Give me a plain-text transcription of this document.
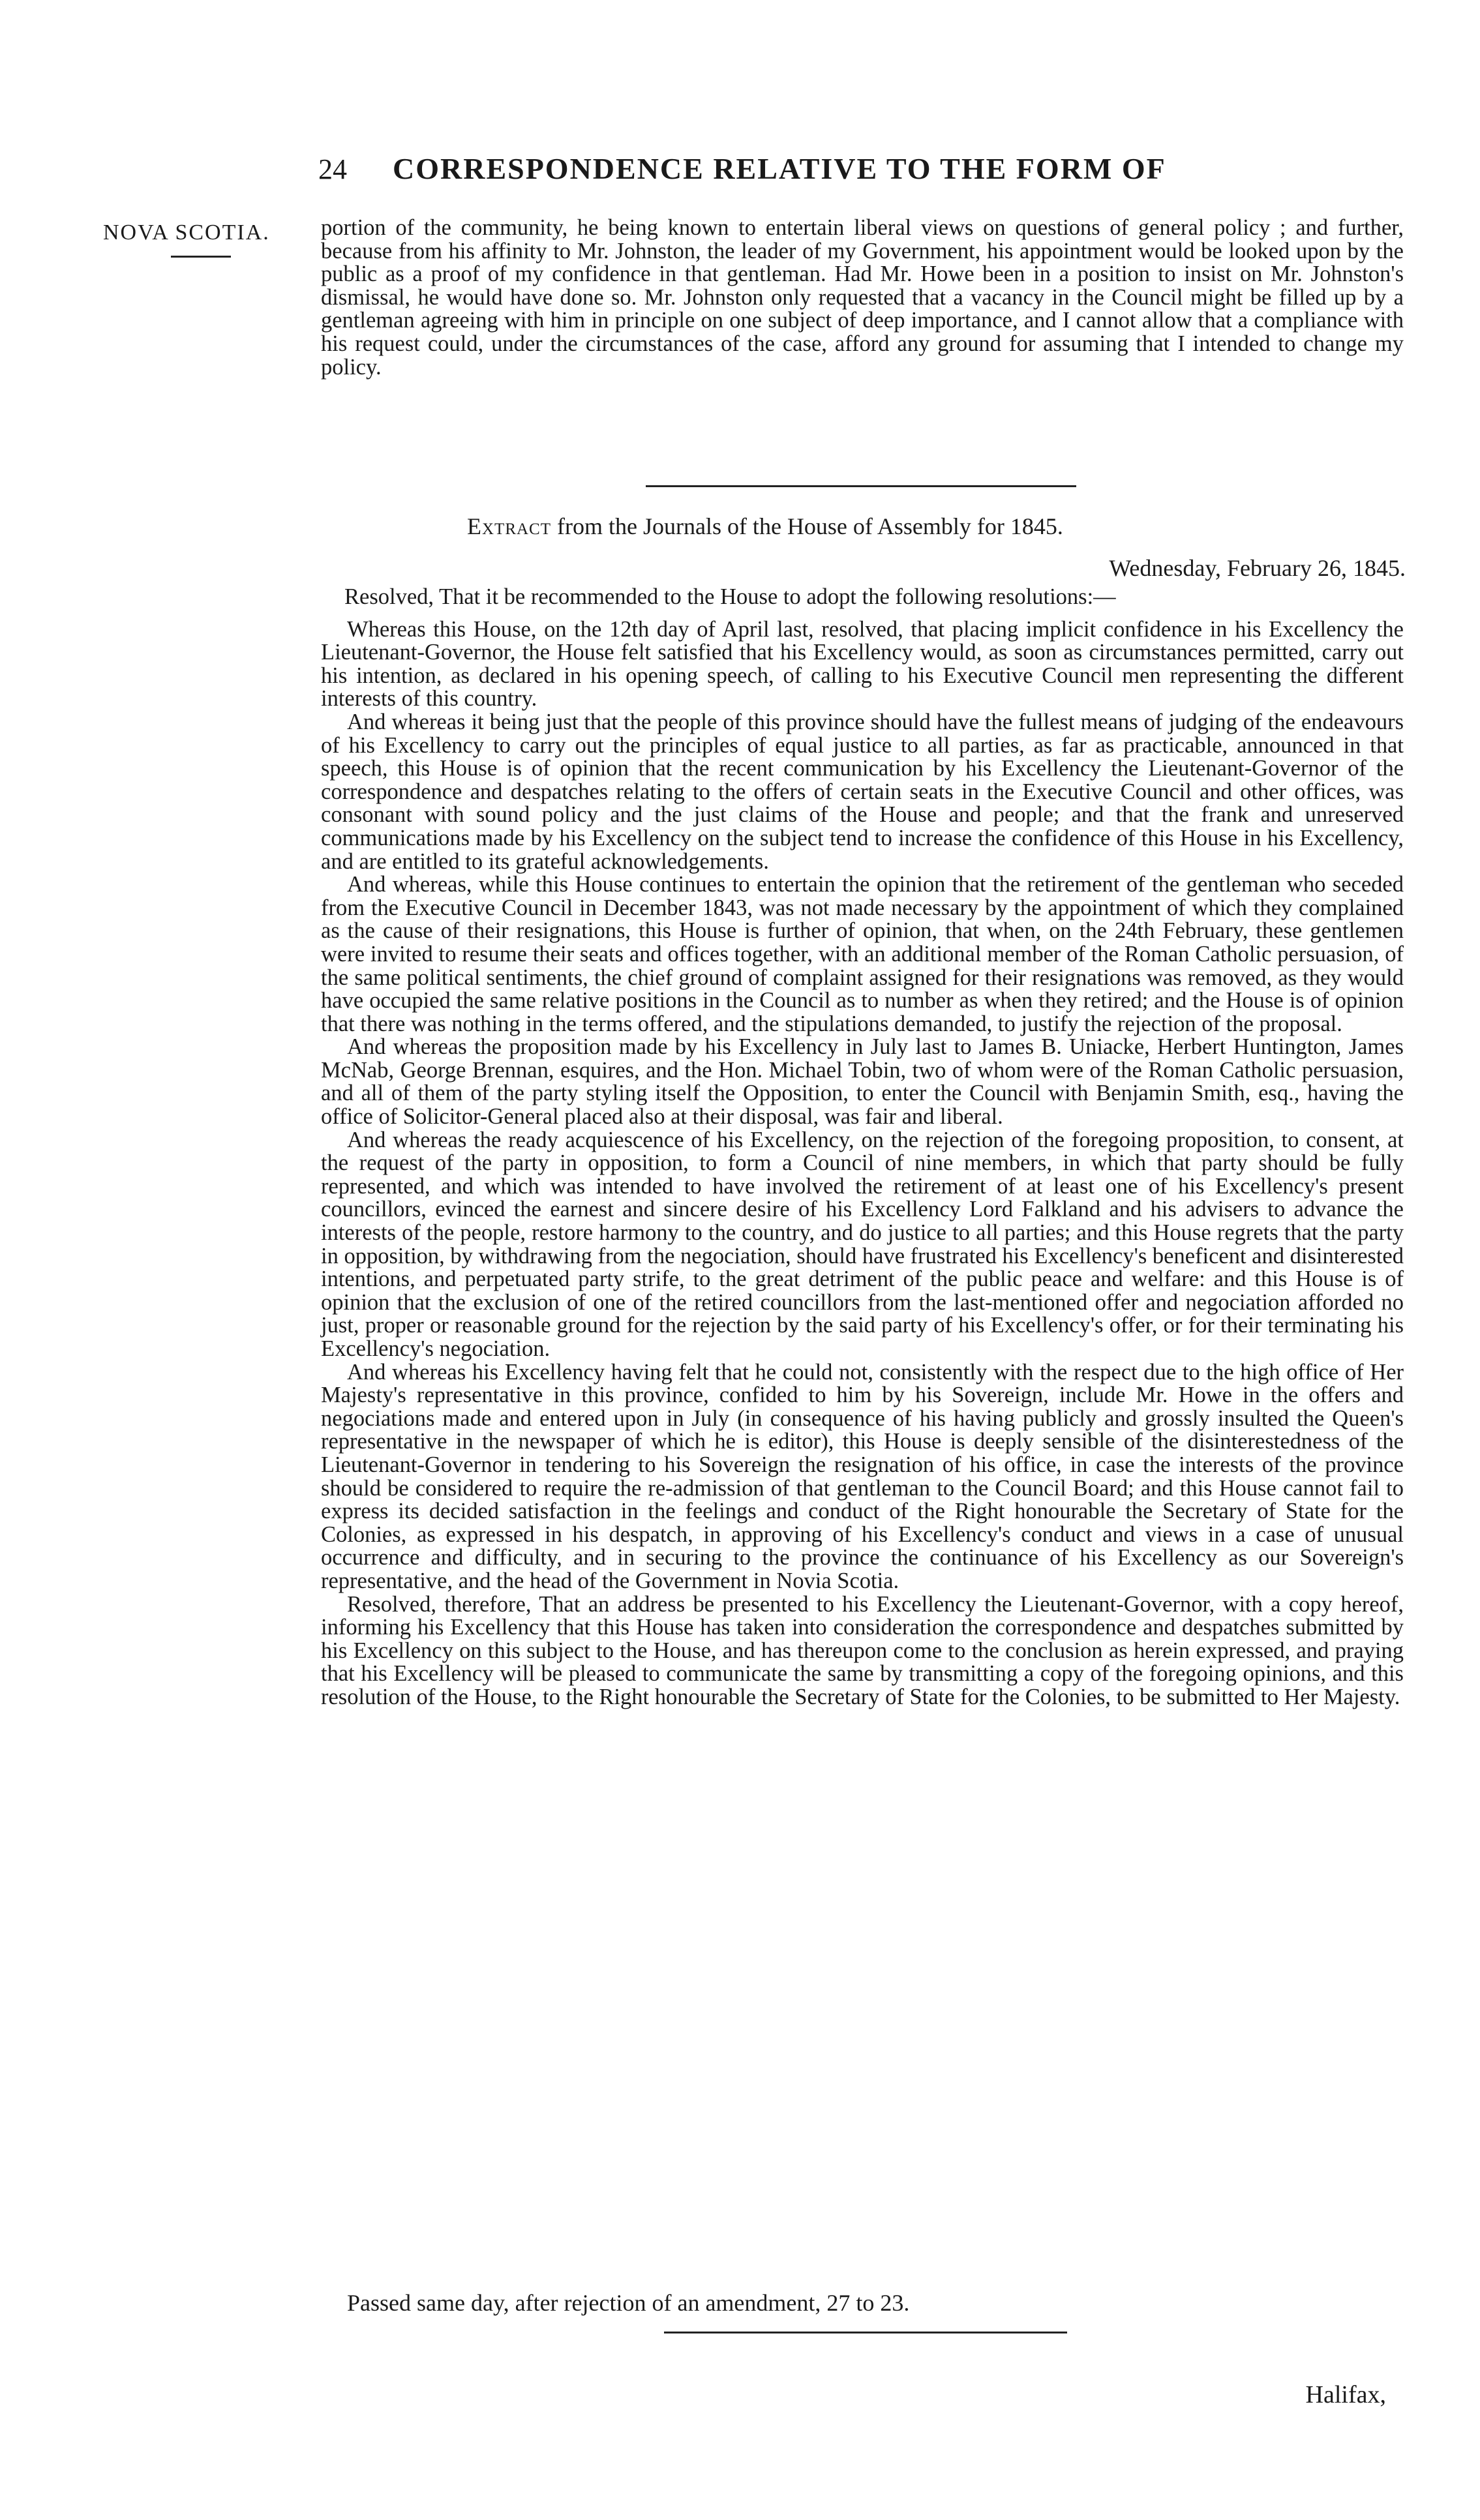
24 CORRESPONDENCE RELATIVE TO THE FORM OF
NOVA SCOTIA.	portion of the community, he being known to entertain liberal views on questions of general policy ; and further, because from his affinity to Mr. Johnston, the leader of my Government, his appointment would be looked upon by the public as a proof of my confidence in that gentleman. Had Mr. Howe been in a position to insist on Mr. Johnston's dismissal, he would have done so. Mr. Johnston only requested that a vacancy in the Council might be filled up by a gentleman agreeing with him in principle on one subject of deep importance, and I cannot allow that a compliance with his request could, under the circumstances of the case, afford any ground for assuming that I intended to change my policy.

Extract from the Journals of the House of Assembly for 1845.
Wednesday, February 26, 1845.

Resolved, That it be recommended to the House to adopt the following resolutions:—

Whereas this House, on the 12th day of April last, resolved, that placing implicit confidence in his Excellency the Lieutenant-Governor, the House felt satisfied that his Excellency would, as soon as circumstances permitted, carry out his intention, as declared in his opening speech, of calling to his Executive Council men representing the different interests of this country.

And whereas it being just that the people of this province should have the fullest means of judging of the endeavours of his Excellency to carry out the principles of equal justice to all parties, as far as practicable, announced in that speech, this House is of opinion that the recent communication by his Excellency the Lieutenant-Governor of the correspondence and despatches relating to the offers of certain seats in the Executive Council and other offices, was consonant with sound policy and the just claims of the House and people; and that the frank and unreserved communications made by his Excellency on the subject tend to increase the confidence of this House in his Excellency, and are entitled to its grateful acknowledgements.

And whereas, while this House continues to entertain the opinion that the retirement of the gentleman who seceded from the Executive Council in December 1843, was not made necessary by the appointment of which they complained as the cause of their resignations, this House is further of opinion, that when, on the 24th February, these gentlemen were invited to resume their seats and offices together, with an additional member of the Roman Catholic persuasion, of the same political sentiments, the chief ground of complaint assigned for their resignations was removed, as they would have occupied the same relative positions in the Council as to number as when they retired; and the House is of opinion that there was nothing in the terms offered, and the stipulations demanded, to justify the rejection of the proposal.

And whereas the proposition made by his Excellency in July last to James B. Uniacke, Herbert Huntington, James McNab, George Brennan, esquires, and the Hon. Michael Tobin, two of whom were of the Roman Catholic persuasion, and all of them of the party styling itself the Opposition, to enter the Council with Benjamin Smith, esq., having the office of Solicitor-General placed also at their disposal, was fair and liberal.

And whereas the ready acquiescence of his Excellency, on the rejection of the foregoing proposition, to consent, at the request of the party in opposition, to form a Council of nine members, in which that party should be fully represented, and which was intended to have involved the retirement of at least one of his Excellency's present councillors, evinced the earnest and sincere desire of his Excellency Lord Falkland and his advisers to advance the interests of the people, restore harmony to the country, and do justice to all parties; and this House regrets that the party in opposition, by withdrawing from the negociation, should have frustrated his Excellency's beneficent and disinterested intentions, and perpetuated party strife, to the great detriment of the public peace and welfare: and this House is of opinion that the exclusion of one of the retired councillors from the last-mentioned offer and negociation afforded no just, proper or reasonable ground for the rejection by the said party of his Excellency's offer, or for their terminating his Excellency's negociation.

And whereas his Excellency having felt that he could not, consistently with the respect due to the high office of Her Majesty's representative in this province, confided to him by his Sovereign, include Mr. Howe in the offers and negociations made and entered upon in July (in consequence of his having publicly and grossly insulted the Queen's representative in the newspaper of which he is editor), this House is deeply sensible of the disinterestedness of the Lieutenant-Governor in tendering to his Sovereign the resignation of his office, in case the interests of the province should be considered to require the re-admission of that gentleman to the Council Board; and this House cannot fail to express its decided satisfaction in the feelings and conduct of the Right honourable the Secretary of State for the Colonies, as expressed in his despatch, in approving of his Excellency's conduct and views in a case of unusual occurrence and difficulty, and in securing to the province the continuance of his Excellency as our Sovereign's representative, and the head of the Government in Novia Scotia.

Resolved, therefore, That an address be presented to his Excellency the Lieutenant-Governor, with a copy hereof, informing his Excellency that this House has taken into consideration the correspondence and despatches submitted by his Excellency on this subject to the House, and has thereupon come to the conclusion as herein expressed, and praying that his Excellency will be pleased to communicate the same by transmitting a copy of the foregoing opinions, and this resolution of the House, to the Right honourable the Secretary of State for the Colonies, to be submitted to Her Majesty.

Passed same day, after rejection of an amendment, 27 to 23.
Halifax,
